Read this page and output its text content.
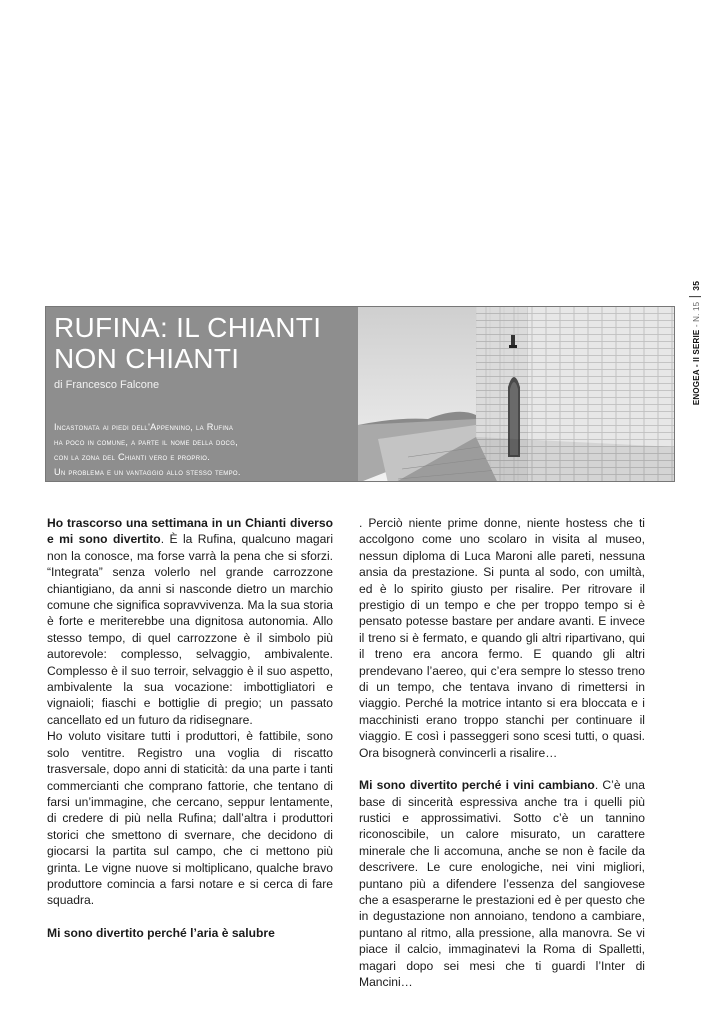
ENOGEA - II SERIE - N. 1535
RUFINA: IL CHIANTI
NON CHIANTI
di Francesco Falcone
Incastonata ai piedi dell'Appennino, la Rufina
ha poco in comune, a parte il nome della docg,
con la zona del Chianti vero e proprio.
Un problema e un vantaggio allo stesso tempo.

Ho trascorso una settimana in un Chianti diverso e mi sono divertito. È la Rufina, qualcuno magari non la conosce, ma forse varrà la pena che si sforzi. “Integrata” senza volerlo nel grande carrozzone chiantigiano, da anni si nasconde dietro un marchio comune che significa sopravvivenza. Ma la sua storia è forte e meriterebbe una dignitosa autonomia. Allo stesso tempo, di quel carrozzone è il simbolo più autorevole: complesso, selvaggio, ambivalente. Complesso è il suo terroir, selvaggio è il suo aspetto, ambivalente la sua vocazione: imbottigliatori e vignaioli; fiaschi e bottiglie di pregio; un passato cancellato ed un futuro da ridisegnare.

Ho voluto visitare tutti i produttori, è fattibile, sono solo ventitre. Registro una voglia di riscatto trasversale, dopo anni di staticità: da una parte i tanti commercianti che comprano fattorie, che tentano di farsi un’immagine, che cercano, seppur lentamente, di credere di più nella Rufina; dall’altra i produttori storici che smettono di svernare, che decidono di giocarsi la partita sul campo, che ci mettono più grinta. Le vigne nuove si moltiplicano, qualche bravo produttore comincia a farsi notare e si cerca di fare squadra.

Mi sono divertito perché l’aria è salubre

. Perciò niente prime donne, niente hostess che ti accolgono come uno scolaro in visita al museo, nessun diploma di Luca Maroni alle pareti, nessuna ansia da prestazione. Si punta al sodo, con umiltà, ed è lo spirito giusto per risalire. Per ritrovare il prestigio di un tempo e che per troppo tempo si è pensato potesse bastare per andare avanti. E invece il treno si è fermato, e quando gli altri ripartivano, qui il treno era ancora fermo. E quando gli altri prendevano l’aereo, qui c’era sempre lo stesso treno di un tempo, che tentava invano di rimettersi in viaggio. Perché la motrice intanto si era bloccata e i macchinisti erano troppo stanchi per continuare il viaggio. E così i passeggeri sono scesi tutti, o quasi. Ora bisognerà convincerli a risalire…

Mi sono divertito perché i vini cambiano. C’è una base di sincerità espressiva anche tra i quelli più rustici e approssimativi. Sotto c’è un tannino riconoscibile, un calore misurato, un carattere minerale che li accomuna, anche se non è facile da descrivere. Le cure enologiche, nei vini migliori, puntano più a difendere l’essenza del sangiovese che a esasperarne le prestazioni ed è per questo che in degustazione non annoiano, tendono a cambiare, puntano al ritmo, alla pressione, alla manovra. Se vi piace il calcio, immaginatevi la Roma di Spalletti, magari dopo sei mesi che ti guardi l’Inter di Mancini…
